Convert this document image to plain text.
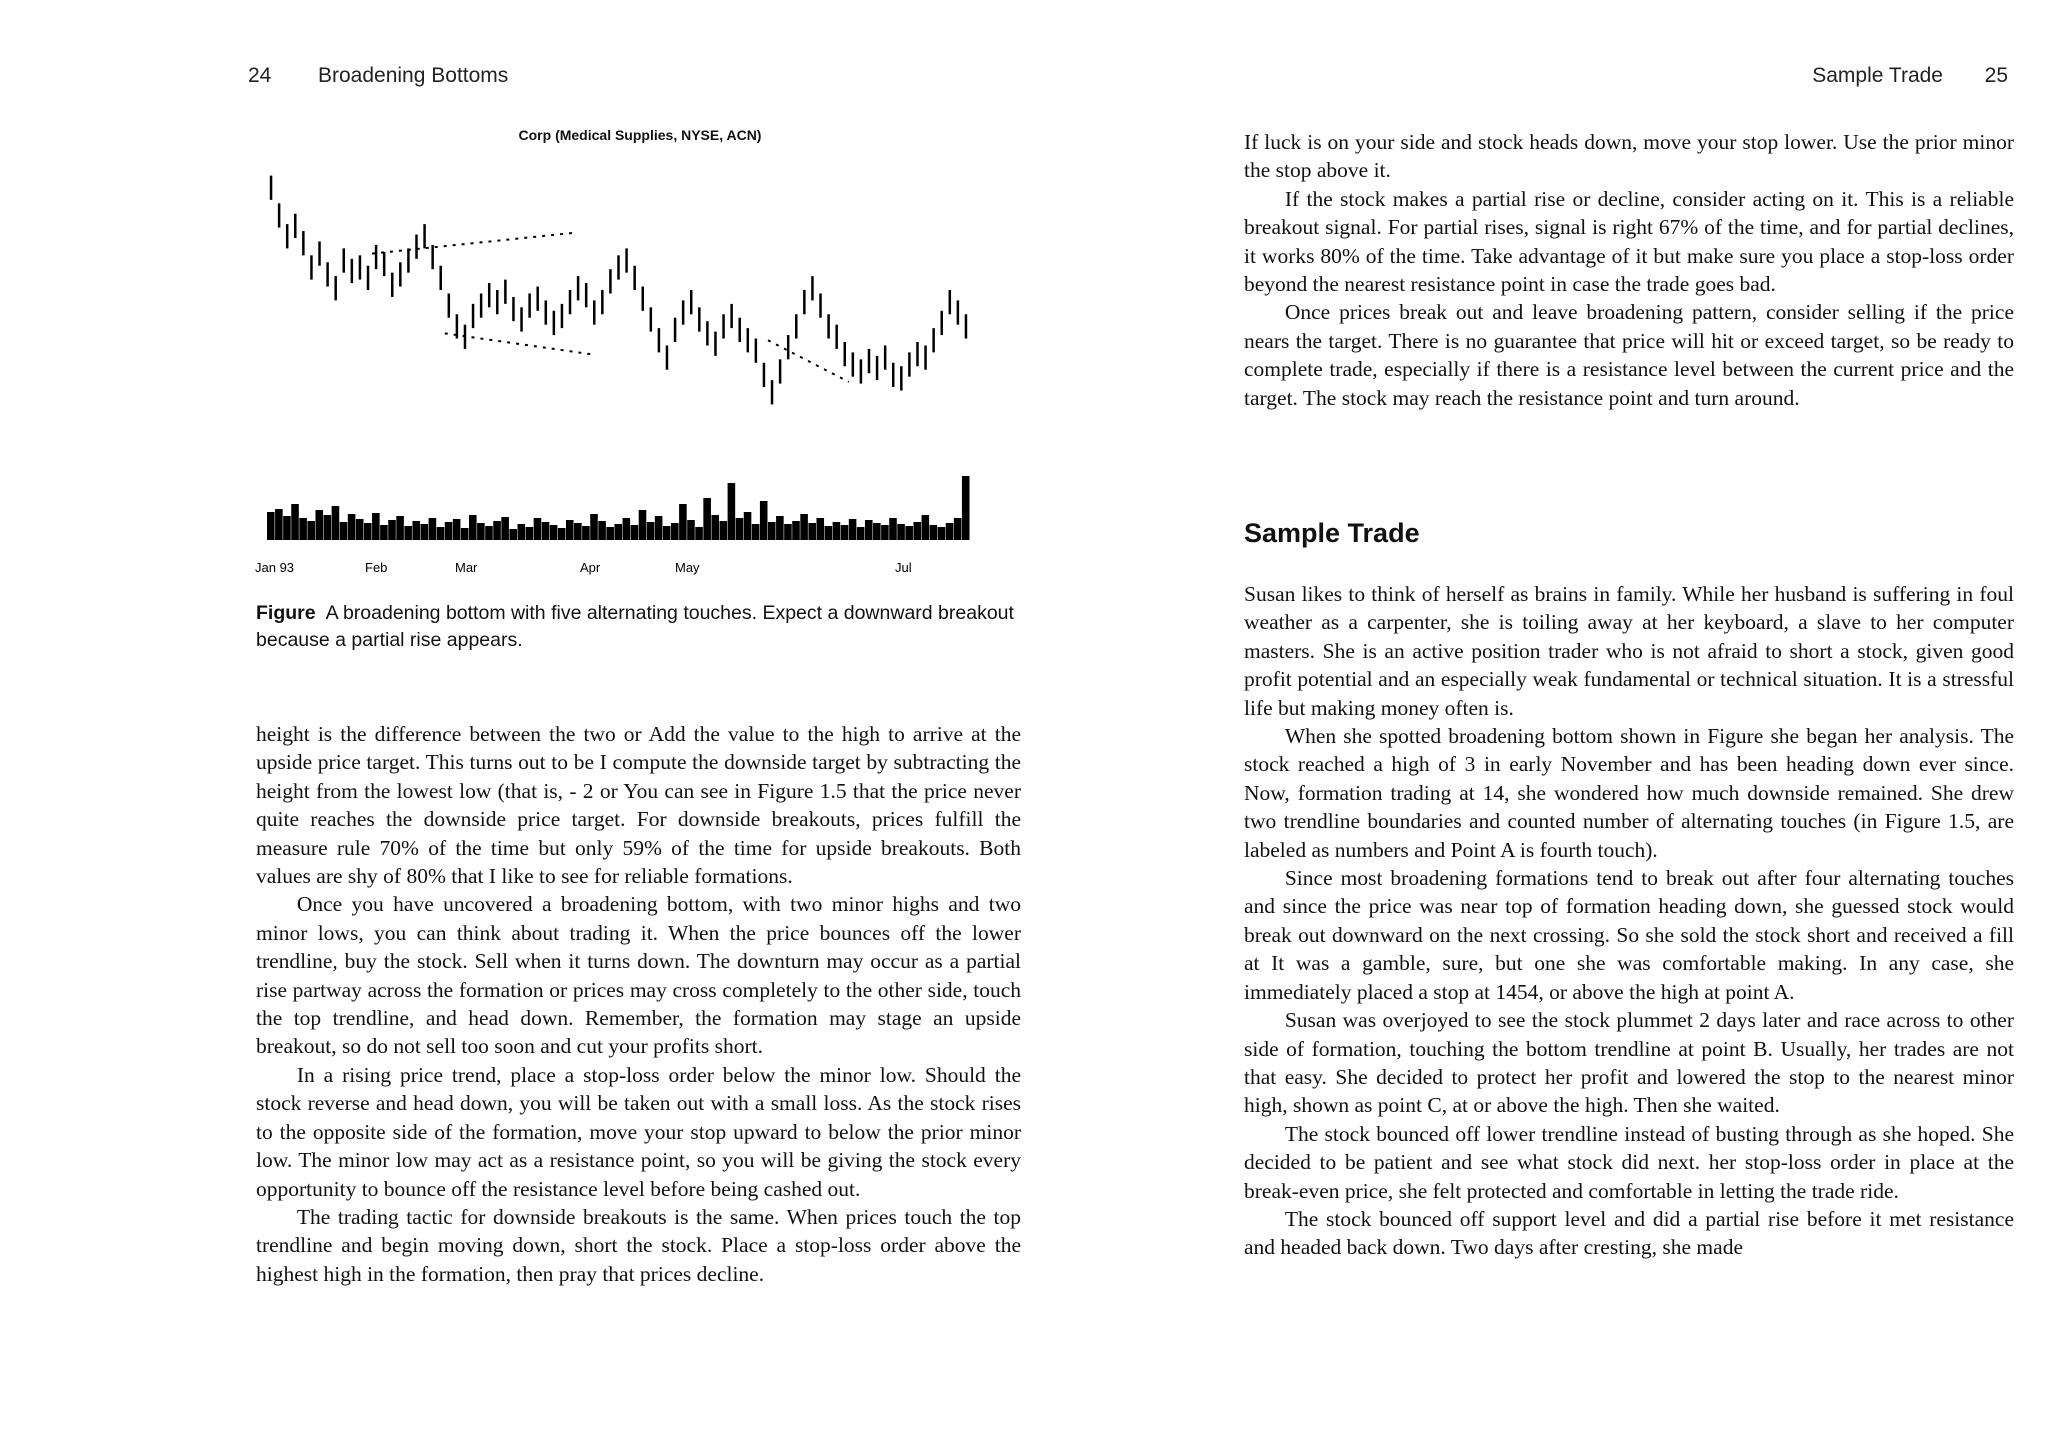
24 Broadening Bottoms
Corp (Medical Supplies, NYSE, ACN)
Jan 93	Feb	Mar	Apr	May	Jul
Figure A broadening bottom with five alternating touches. Expect a downward breakout because a partial rise appears.

height is the difference between the two or Add the value to the high to arrive at the upside price target. This turns out to be I compute the downside target by subtracting the height from the lowest low (that is, - 2 or You can see in Figure 1.5 that the price never quite reaches the downside price target. For downside breakouts, prices fulfill the measure rule 70% of the time but only 59% of the time for upside breakouts. Both values are shy of 80% that I like to see for reliable formations.

Once you have uncovered a broadening bottom, with two minor highs and two minor lows, you can think about trading it. When the price bounces off the lower trendline, buy the stock. Sell when it turns down. The downturn may occur as a partial rise partway across the formation or prices may cross completely to the other side, touch the top trendline, and head down. Remember, the formation may stage an upside breakout, so do not sell too soon and cut your profits short.

In a rising price trend, place a stop-loss order below the minor low. Should the stock reverse and head down, you will be taken out with a small loss. As the stock rises to the opposite side of the formation, move your stop upward to below the prior minor low. The minor low may act as a resistance point, so you will be giving the stock every opportunity to bounce off the resistance level before being cashed out.

The trading tactic for downside breakouts is the same. When prices touch the top trendline and begin moving down, short the stock. Place a stop-loss order above the highest high in the formation, then pray that prices decline.

Sample Trade 25

If luck is on your side and stock heads down, move your stop lower. Use the prior minor the stop above it.

If the stock makes a partial rise or decline, consider acting on it. This is a reliable breakout signal. For partial rises, signal is right 67% of the time, and for partial declines, it works 80% of the time. Take advantage of it but make sure you place a stop-loss order beyond the nearest resistance point in case the trade goes bad.

Once prices break out and leave broadening pattern, consider selling if the price nears the target. There is no guarantee that price will hit or exceed target, so be ready to complete trade, especially if there is a resistance level between the current price and the target. The stock may reach the resistance point and turn around.

Sample Trade

Susan likes to think of herself as brains in family. While her husband is suffering in foul weather as a carpenter, she is toiling away at her keyboard, a slave to her computer masters. She is an active position trader who is not afraid to short a stock, given good profit potential and an especially weak fundamental or technical situation. It is a stressful life but making money often is.

When she spotted broadening bottom shown in Figure she began her analysis. The stock reached a high of 3 in early November and has been heading down ever since. Now, formation trading at 14, she wondered how much downside remained. She drew two trendline boundaries and counted number of alternating touches (in Figure 1.5, are labeled as numbers and Point A is fourth touch).

Since most broadening formations tend to break out after four alternating touches and since the price was near top of formation heading down, she guessed stock would break out downward on the next crossing. So she sold the stock short and received a fill at It was a gamble, sure, but one she was comfortable making. In any case, she immediately placed a stop at 1454, or above the high at point A.

Susan was overjoyed to see the stock plummet 2 days later and race across to other side of formation, touching the bottom trendline at point B. Usually, her trades are not that easy. She decided to protect her profit and lowered the stop to the nearest minor high, shown as point C, at or above the high. Then she waited.

The stock bounced off lower trendline instead of busting through as she hoped. She decided to be patient and see what stock did next. her stop-loss order in place at the break-even price, she felt protected and comfortable in letting the trade ride.

The stock bounced off support level and did a partial rise before it met resistance and headed back down. Two days after cresting, she made
